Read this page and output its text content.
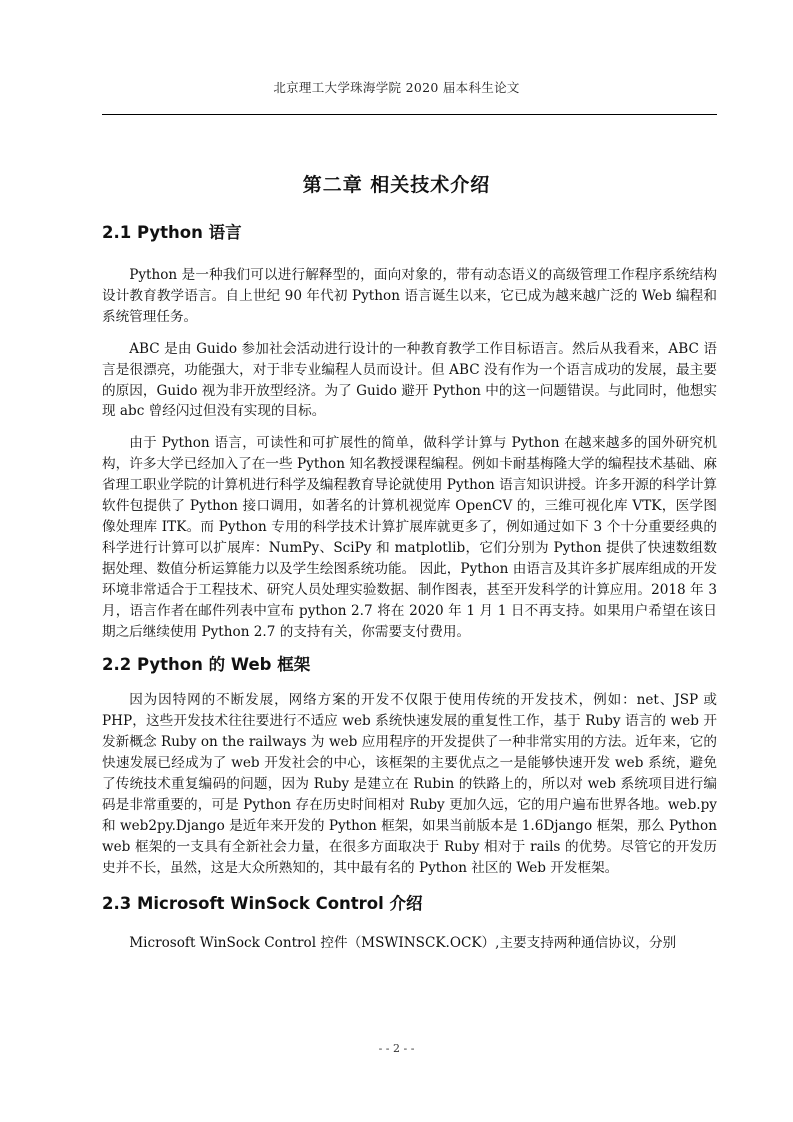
北京理工大学珠海学院 2020 届本科生论文
第二章 相关技术介绍
2.1 Python 语言

Python 是一种我们可以进行解释型的，面向对象的，带有动态语义的高级管理工作程序系统结构设计教育教学语言。自上世纪 90 年代初 Python 语言诞生以来，它已成为越来越广泛的 Web 编程和系统管理任务。

ABC 是由 Guido 参加社会活动进行设计的一种教育教学工作目标语言。然后从我看来，ABC 语言是很漂亮，功能强大，对于非专业编程人员而设计。但 ABC 没有作为一个语言成功的发展，最主要的原因，Guido 视为非开放型经济。为了 Guido 避开 Python 中的这一问题错误。与此同时，他想实现 abc 曾经闪过但没有实现的目标。

由于 Python 语言，可读性和可扩展性的简单，做科学计算与 Python 在越来越多的国外研究机构，许多大学已经加入了在一些 Python 知名教授课程编程。例如卡耐基梅隆大学的编程技术基础、麻省理工职业学院的计算机进行科学及编程教育导论就使用 Python 语言知识讲授。许多开源的科学计算软件包提供了 Python 接口调用，如著名的计算机视觉库 OpenCV 的，三维可视化库 VTK，医学图像处理库 ITK。而 Python 专用的科学技术计算扩展库就更多了，例如通过如下 3 个十分重要经典的科学进行计算可以扩展库：NumPy、SciPy 和 matplotlib，它们分别为 Python 提供了快速数组数据处理、数值分析运算能力以及学生绘图系统功能。 因此，Python 由语言及其许多扩展库组成的开发环境非常适合于工程技术、研究人员处理实验数据、制作图表，甚至开发科学的计算应用。2018 年 3 月，语言作者在邮件列表中宣布 python 2.7 将在 2020 年 1 月 1 日不再支持。如果用户希望在该日期之后继续使用 Python 2.7 的支持有关，你需要支付费用。

2.2 Python 的 Web 框架

因为因特网的不断发展，网络方案的开发不仅限于使用传统的开发技术，例如：net、JSP 或 PHP，这些开发技术往往要进行不适应 web 系统快速发展的重复性工作，基于 Ruby 语言的 web 开发新概念 Ruby on the railways 为 web 应用程序的开发提供了一种非常实用的方法。近年来，它的快速发展已经成为了 web 开发社会的中心，该框架的主要优点之一是能够快速开发 web 系统，避免了传统技术重复编码的问题，因为 Ruby 是建立在 Rubin 的铁路上的，所以对 web 系统项目进行编码是非常重要的，可是 Python 存在历史时间相对 Ruby 更加久远，它的用户遍布世界各地。web.py 和 web2py.Django 是近年来开发的 Python 框架，如果当前版本是 1.6Django 框架，那么 Python web 框架的一支具有全新社会力量，在很多方面取决于 Ruby 相对于 rails 的优势。尽管它的开发历史并不长，虽然，这是大众所熟知的，其中最有名的 Python 社区的 Web 开发框架。

2.3 Microsoft WinSock Control 介绍

Microsoft WinSock Control 控件（MSWINSCK.OCK）,主要支持两种通信协议，分别

- - 2 - -
